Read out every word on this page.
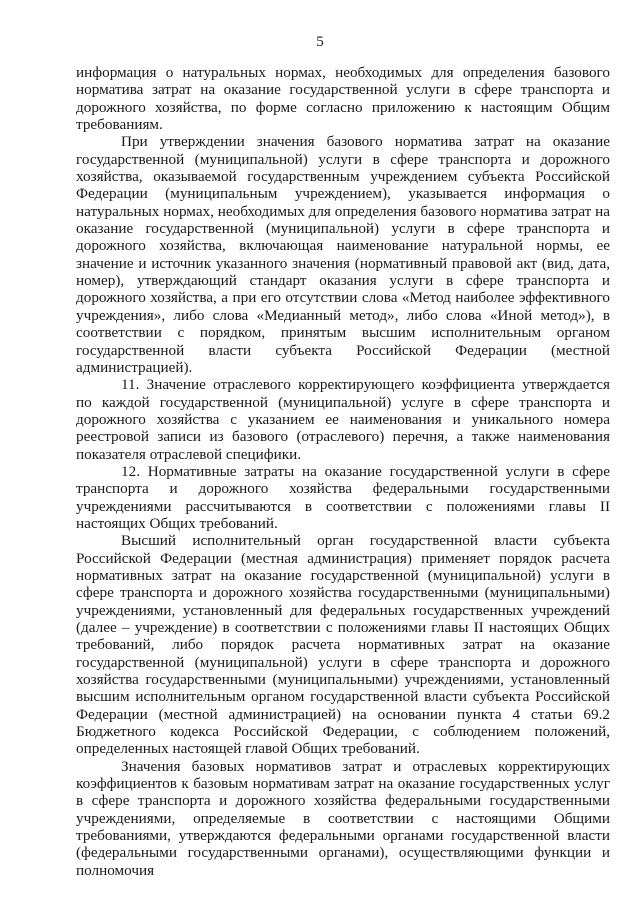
5

информация о натуральных нормах, необходимых для определения базового норматива затрат на оказание государственной услуги в сфере транспорта и дорожного хозяйства, по форме согласно приложению к настоящим Общим требованиям.

При утверждении значения базового норматива затрат на оказание государственной (муниципальной) услуги в сфере транспорта и дорожного хозяйства, оказываемой государственным учреждением субъекта Российской Федерации (муниципальным учреждением), указывается информация о натуральных нормах, необходимых для определения базового норматива затрат на оказание государственной (муниципальной) услуги в сфере транспорта и дорожного хозяйства, включающая наименование натуральной нормы, ее значение и источник указанного значения (нормативный правовой акт (вид, дата, номер), утверждающий стандарт оказания услуги в сфере транспорта и дорожного хозяйства, а при его отсутствии слова «Метод наиболее эффективного учреждения», либо слова «Медианный метод», либо слова «Иной метод»), в соответствии с порядком, принятым высшим исполнительным органом государственной власти субъекта Российской Федерации (местной администрацией).

11. Значение отраслевого корректирующего коэффициента утверждается по каждой государственной (муниципальной) услуге в сфере транспорта и дорожного хозяйства с указанием ее наименования и уникального номера реестровой записи из базового (отраслевого) перечня, а также наименования показателя отраслевой специфики.

12. Нормативные затраты на оказание государственной услуги в сфере транспорта и дорожного хозяйства федеральными государственными учреждениями рассчитываются в соответствии с положениями главы II настоящих Общих требований.

Высший исполнительный орган государственной власти субъекта Российской Федерации (местная администрация) применяет порядок расчета нормативных затрат на оказание государственной (муниципальной) услуги в сфере транспорта и дорожного хозяйства государственными (муниципальными) учреждениями, установленный для федеральных государственных учреждений (далее – учреждение) в соответствии с положениями главы II настоящих Общих требований, либо порядок расчета нормативных затрат на оказание государственной (муниципальной) услуги в сфере транспорта и дорожного хозяйства государственными (муниципальными) учреждениями, установленный высшим исполнительным органом государственной власти субъекта Российской Федерации (местной администрацией) на основании пункта 4 статьи 69.2 Бюджетного кодекса Российской Федерации, с соблюдением положений, определенных настоящей главой Общих требований.

Значения базовых нормативов затрат и отраслевых корректирующих коэффициентов к базовым нормативам затрат на оказание государственных услуг в сфере транспорта и дорожного хозяйства федеральными государственными учреждениями, определяемые в соответствии с настоящими Общими требованиями, утверждаются федеральными органами государственной власти (федеральными государственными органами), осуществляющими функции и полномочия
